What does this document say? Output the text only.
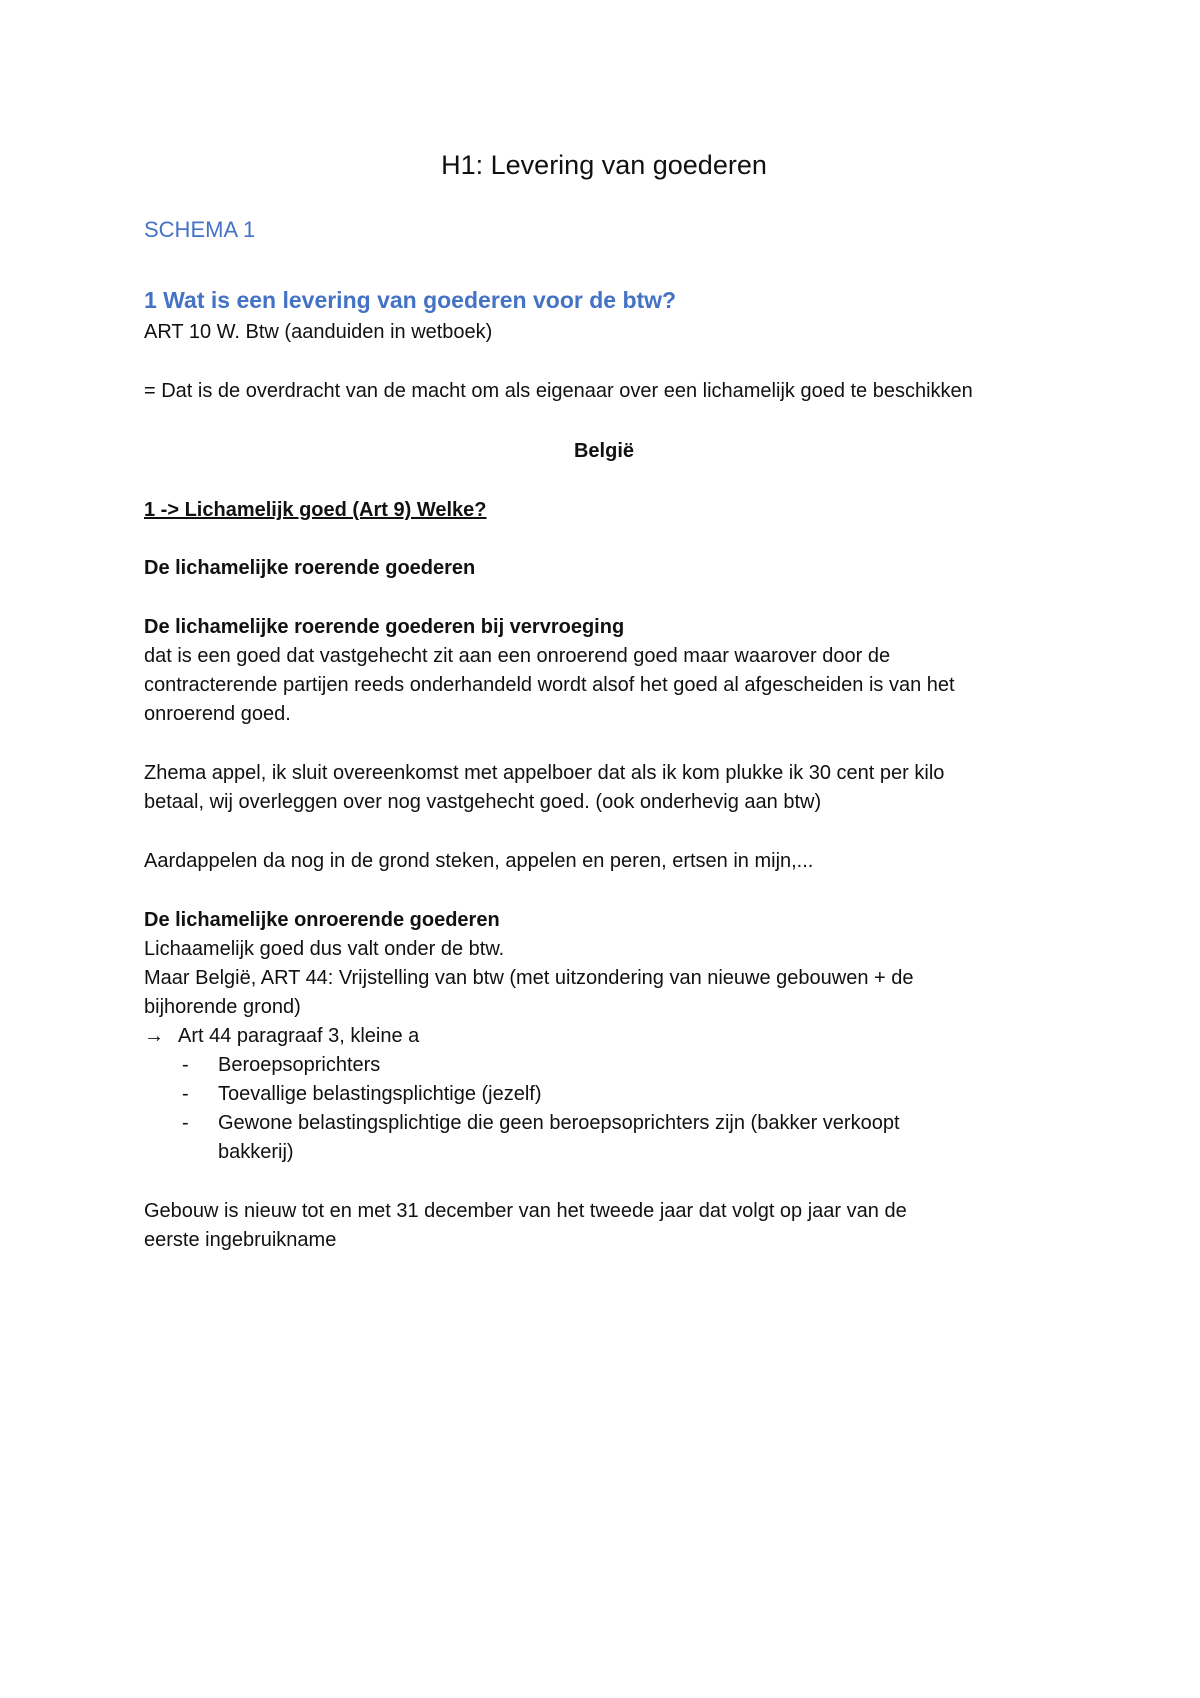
H1: Levering van goederen
SCHEMA 1
1 Wat is een levering van goederen voor de btw?
ART 10 W. Btw (aanduiden in wetboek)
= Dat is de overdracht van de macht om als eigenaar over een lichamelijk goed te beschikken
België
1 -> Lichamelijk goed (Art 9) Welke?
De lichamelijke roerende goederen
De lichamelijke roerende goederen bij vervroeging
dat is een goed dat vastgehecht zit aan een onroerend goed maar waarover door de
contracterende partijen reeds onderhandeld wordt alsof het goed al afgescheiden is van het
onroerend goed.
Zhema appel, ik sluit overeenkomst met appelboer dat als ik kom plukke ik 30 cent per kilo
betaal, wij overleggen over nog vastgehecht goed. (ook onderhevig aan btw)
Aardappelen da nog in de grond steken, appelen en peren, ertsen in mijn,...
De lichamelijke onroerende goederen
Lichaamelijk goed dus valt onder de btw.
Maar België, ART 44: Vrijstelling van btw (met uitzondering van nieuwe gebouwen + de
bijhorende grond)
→ Art 44 paragraaf 3, kleine a
- Beroepsoprichters
- Toevallige belastingsplichtige (jezelf)
- Gewone belastingsplichtige die geen beroepsoprichters zijn (bakker verkoopt
bakkerij)
Gebouw is nieuw tot en met 31 december van het tweede jaar dat volgt op jaar van de
eerste ingebruikname
